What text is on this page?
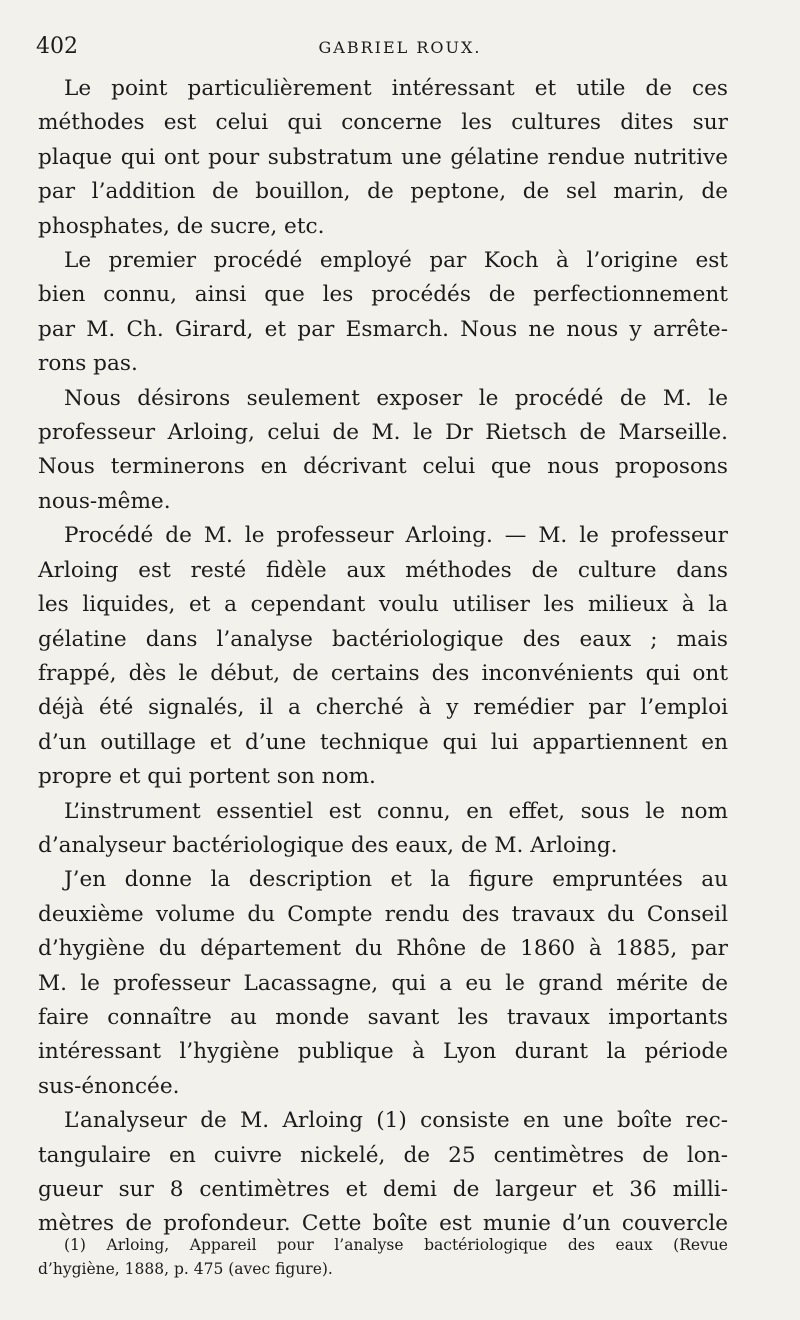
402	GABRIEL ROUX.

Le point particulièrement intéressant et utile de ces

méthodes est celui qui concerne les cultures dites sur

plaque qui ont pour substratum une gélatine rendue nutritive

par l’addition de bouillon, de peptone, de sel marin, de

phosphates, de sucre, etc.

Le premier procédé employé par Koch à l’origine est

bien connu, ainsi que les procédés de perfectionnement

par M. Ch. Girard, et par Esmarch. Nous ne nous y arrête-

rons pas.

Nous désirons seulement exposer le procédé de M. le

professeur Arloing, celui de M. le Dr Rietsch de Marseille.

Nous terminerons en décrivant celui que nous proposons

nous-même.

Procédé de M. le professeur Arloing. — M. le professeur

Arloing est resté fidèle aux méthodes de culture dans

les liquides, et a cependant voulu utiliser les milieux à la

gélatine dans l’analyse bactériologique des eaux ; mais

frappé, dès le début, de certains des inconvénients qui ont

déjà été signalés, il a cherché à y remédier par l’emploi

d’un outillage et d’une technique qui lui appartiennent en

propre et qui portent son nom.

L’instrument essentiel est connu, en effet, sous le nom

d’analyseur bactériologique des eaux, de M. Arloing.

J’en donne la description et la figure empruntées au

deuxième volume du Compte rendu des travaux du Conseil

d’hygiène du département du Rhône de 1860 à 1885, par

M. le professeur Lacassagne, qui a eu le grand mérite de

faire connaître au monde savant les travaux importants

intéressant l’hygiène publique à Lyon durant la période

sus-énoncée.

L’analyseur de M. Arloing (1) consiste en une boîte rec-

tangulaire en cuivre nickelé, de 25 centimètres de lon-

gueur sur 8 centimètres et demi de largeur et 36 milli-

mètres de profondeur. Cette boîte est munie d’un couvercle

(1) Arloing, Appareil pour l’analyse bactériologique des eaux (Revue

d’hygiène, 1888, p. 475 (avec figure).
